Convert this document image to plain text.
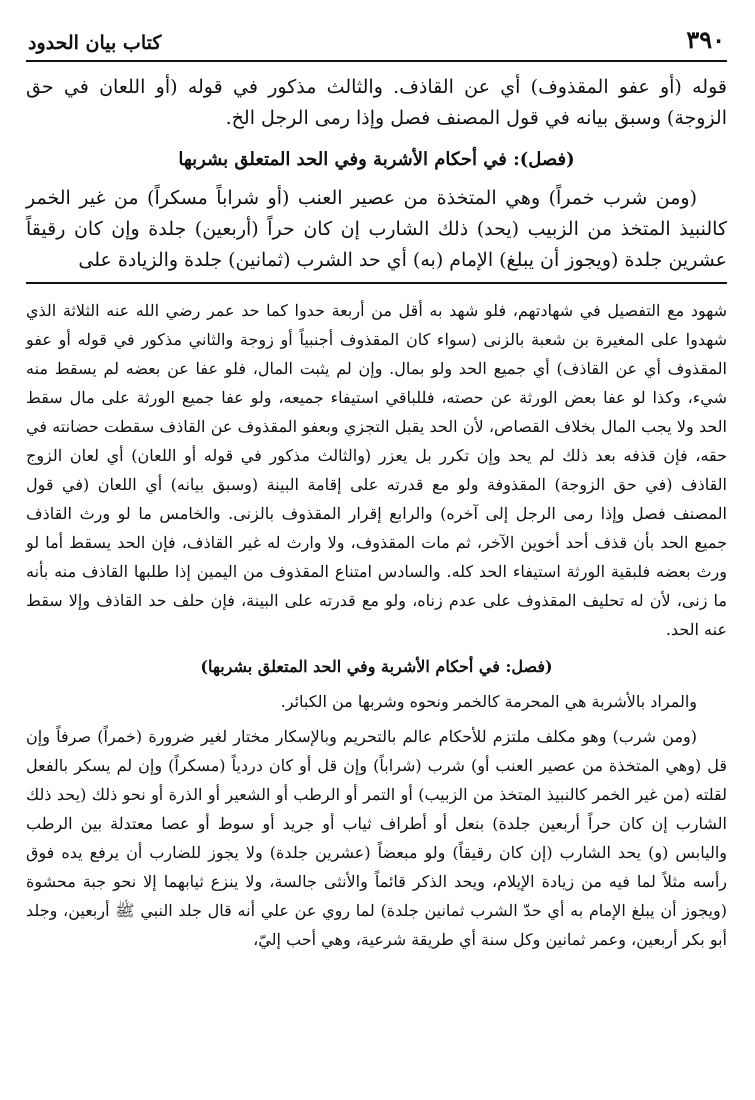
٣٩٠
كتاب بيان الحدود

قوله (أو عفو المقذوف) أي عن القاذف. والثالث مذكور في قوله (أو اللعان في حق الزوجة) وسبق بيانه في قول المصنف فصل وإذا رمى الرجل الخ.

(فصل): في أحكام الأشربة وفي الحد المتعلق بشربها

(ومن شرب خمراً) وهي المتخذة من عصير العنب (أو شراباً مسكراً) من غير الخمر كالنبيذ المتخذ من الزبيب (يحد) ذلك الشارب إن كان حراً (أربعين) جلدة وإن كان رقيقاً عشرين جلدة (ويجوز أن يبلغ) الإمام (به) أي حد الشرب (ثمانين) جلدة والزيادة على

شهود مع التفصيل في شهادتهم، فلو شهد به أقل من أربعة حدوا كما حد عمر رضي الله عنه الثلاثة الذي شهدوا على المغيرة بن شعبة بالزنى (سواء كان المقذوف أجنبياً أو زوجة والثاني مذكور في قوله أو عفو المقذوف أي عن القاذف) أي جميع الحد ولو بمال. وإن لم يثبت المال، فلو عفا عن بعضه لم يسقط منه شيء، وكذا لو عفا بعض الورثة عن حصته، فللباقي استيفاء جميعه، ولو عفا جميع الورثة على مال سقط الحد ولا يجب المال بخلاف القصاص، لأن الحد يقبل التجزي وبعفو المقذوف عن القاذف سقطت حضانته في حقه، فإن قذفه بعد ذلك لم يحد وإن تكرر بل يعزر (والثالث مذكور في قوله أو اللعان) أي لعان الزوج القاذف (في حق الزوجة) المقذوفة ولو مع قدرته على إقامة البينة (وسبق بيانه) أي اللعان (في قول المصنف فصل وإذا رمى الرجل إلى آخره) والرابع إقرار المقذوف بالزنى. والخامس ما لو ورث القاذف جميع الحد بأن قذف أحد أخوين الآخر، ثم مات المقذوف، ولا وارث له غير القاذف، فإن الحد يسقط أما لو ورث بعضه فلبقية الورثة استيفاء الحد كله. والسادس امتناع المقذوف من اليمين إذا طلبها القاذف منه بأنه ما زنى، لأن له تحليف المقذوف على عدم زناه، ولو مع قدرته على البينة، فإن حلف حد القاذف وإلا سقط عنه الحد.

(فصل: في أحكام الأشربة وفي الحد المتعلق بشربها)

والمراد بالأشربة هي المحرمة كالخمر ونحوه وشربها من الكبائر.

(ومن شرب) وهو مكلف ملتزم للأحكام عالم بالتحريم وبالإسكار مختار لغير ضرورة (خمراً) صرفاً وإن قل (وهي المتخذة من عصير العنب أو) شرب (شراباً) وإن قل أو كان دردياً (مسكراً) وإن لم يسكر بالفعل لقلته (من غير الخمر كالنبيذ المتخذ من الزبيب) أو التمر أو الرطب أو الشعير أو الذرة أو نحو ذلك (يحد ذلك الشارب إن كان حراً أربعين جلدة) بنعل أو أطراف ثياب أو جريد أو سوط أو عصا معتدلة بين الرطب واليابس (و) يحد الشارب (إن كان رقيقاً) ولو مبعضاً (عشرين جلدة) ولا يجوز للضارب أن يرفع يده فوق رأسه مثلاً لما فيه من زيادة الإيلام، ويحد الذكر قائماً والأنثى جالسة، ولا ينزع ثيابهما إلا نحو جبة محشوة (ويجوز أن يبلغ الإمام به أي حدّ الشرب ثمانين جلدة) لما روي عن علي أنه قال جلد النبي ﷺ أربعين، وجلد أبو بكر أربعين، وعمر ثمانين وكل سنة أي طريقة شرعية، وهي أحب إليّ،
